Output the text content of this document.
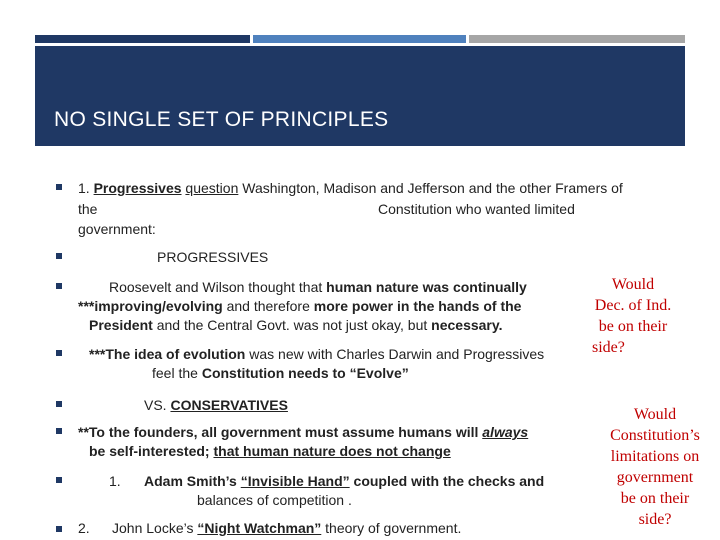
NO SINGLE SET OF PRINCIPLES
1. Progressives question Washington, Madison and Jefferson and the other Framers of
the	Constitution who wanted limited
government:
PROGRESSIVES
Roosevelt and Wilson thought that human nature was continually
***improving/evolving and therefore more power in the hands of the
President and the Central Govt. was not just okay, but necessary.
***The idea of evolution was new with Charles Darwin and Progressives
feel the Constitution needs to “Evolve”
VS. CONSERVATIVES
**To the founders, all government must assume humans will always
be self-interested; that human nature does not change
1. Adam Smith’s “Invisible Hand” coupled with the checks and
balances of competition .
2. John Locke’s “Night Watchman” theory of government.
Would
Dec. of Ind.
be on their
side?
Would
Constitution’s
limitations on
government
be on their
side?
